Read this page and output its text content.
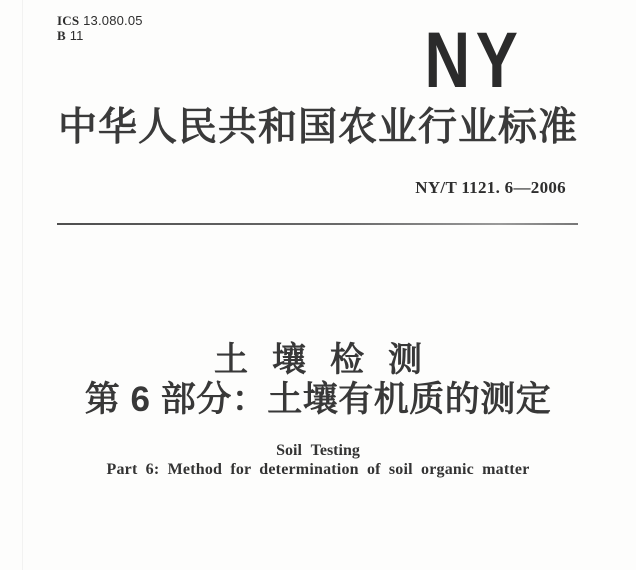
ICS 13.080.05
B 11	NY
中华人民共和国农业行业标准
NY/T 1121. 6—2006
土壤检测
第 6 部分：土壤有机质的测定
Soil Testing
Part 6: Method for determination of soil organic matter
